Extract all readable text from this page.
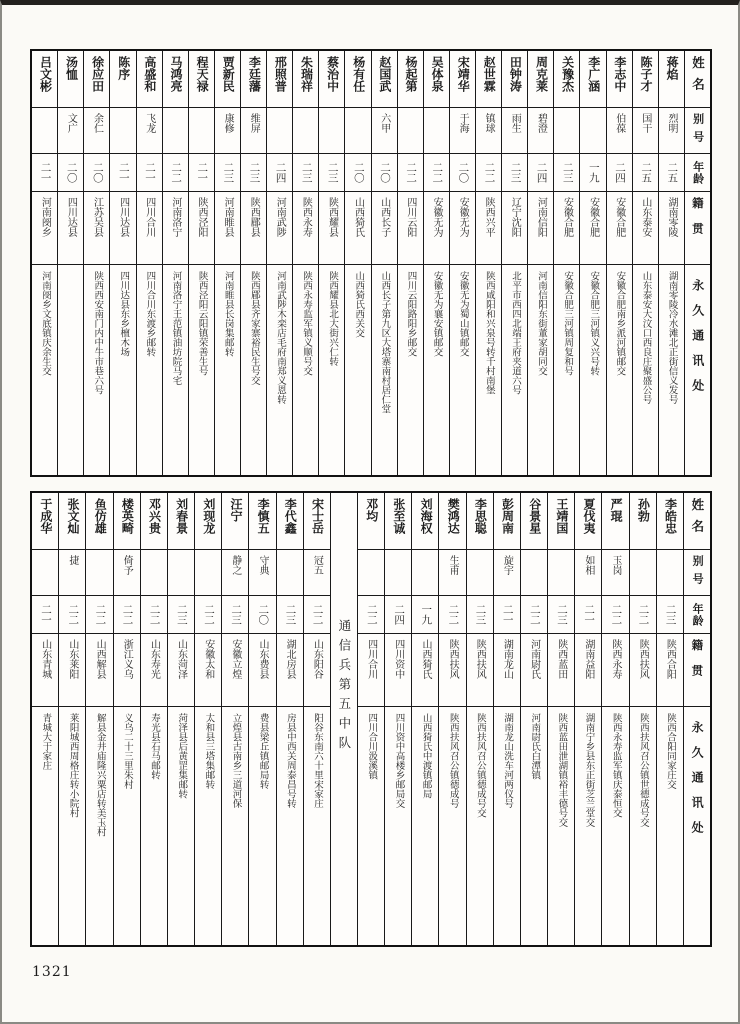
姓名
别号
年龄
籍贯
永久通讯处
蒋焰
烈明
二五
湖南零陵
湖南零陵冷水滩北正街信义发号
陈子才
国干
二五
山东泰安
山东泰安大汶口西良庄聚盛公号
李志中
伯葆
二四
安徽合肥
安徽合肥南乡派河镇邮交
李广涵
一九
安徽合肥
安徽合肥三河镇义兴号转
关豫杰
二三
安徽合肥
安徽合肥三河镇周复和号
周克莱
碧澄
二四
河南信阳
河南信阳东街董家胡同交
田钟涛
雨生
二三
辽宁沈阳
北平市西四北端王府夹道六号
赵世霖
镇球
二二
陕西兴平
陕西咸阳和兴泉号转千村南堡
宋靖华
于海
二〇
安徽无为
安徽无为蜀山镇邮交
吴体泉
二二
安徽无为
安徽无为襄安镇邮交
杨起第
二二
四川云阳
四川云阳路阳乡邮交
赵国武
六甲
二〇
山西长子
山西长子第九区大塔寨南村居仁堂
杨有任
二〇
山西猗氏
山西猗氏西关交
蔡治中
二三
陕西耀县
陕西耀县北大街兴仁转
朱瑞祥
二三
陕西永寿
陕西永寿监军镇义顺号交
邢照普
二四
河南武陟
河南武陟木栾店毛府南郑义恩转
李廷藩
维屏
二三
陕西郿县
陕西郿县齐家寨裕民生号交
贾新民
康修
二三
河南睢县
河南睢县长岗集邮转
程天禄
二一
陕西泾阳
陕西泾阳云阳镇荣善生号
马鸿亮
二二
河南洛宁
河南洛宁王范镇油坊院马宅
高盛和
飞龙
二一
四川合川
四川合川东渡乡邮转
陈序
二一
四川达县
四川达县东乡檀木场
徐应田
余仁
二〇
江苏吴县
陕西西安南门内中牛市巷六号
汤恤
文广
二〇
四川达县
吕文彬
二一
河南阌乡
河南阌乡文底镇庆余生交
姓名
别号
年龄
籍贯
永久通讯处
李皓忠
二三
陕西合阳
陕西合阳同家庄交
孙勃
二二
陕西扶风
陕西扶风召公镇世德成号交
严琨
玉岗
二二
陕西永寿
陕西永寿监军镇庆泰恒交
夏伐夷
如相
二一
湖南益阳
湖南宁乡县东正街芝兰堂交
王靖国
二三
陕西蓝田
陕西蓝田泄湖镇裕丰德号交
谷景星
二二
河南尉氏
河南尉氏白潭镇
彭周南
旋宇
二一
湖南龙山
湖南龙山洗车河两仪号
李思聪
二三
陕西扶风
陕西扶风召公镇德成号交
樊鸿达
生甫
二二
陕西扶风
陕西扶风召公镇德成号
刘海权
一九
山西猗氏
山西猗氏中渡镇邮局
张至诚
二四
四川资中
四川资中高楼乡邮局交
邓均
二二
四川合川
四川合川汲溪镇
通信兵第五中队
宋士岳
冠五
二二
山东阳谷
阳谷东南六十里宋家庄
李代鑫
二三
湖北房县
房县中西关周泰昌号转
李慎五
守典
二〇
山东费县
费县梁丘镇邮局转
汪宁
静之
二三
安徽立煌
立煌县古南乡三道河保
刘现龙
二二
安徽太和
太和县三塔集邮转
刘春景
二三
山东菏泽
菏泽县后黄罡集邮转
邓兴贵
二二
山东寿光
寿光县石马邮转
楼英畸
倚予
二二
浙江义乌
义乌二十三里朱村
鱼仿雄
二二
山西解县
解县金井庙隆兴粟店转美玉村
张文灿
捷
二二
山东莱阳
莱阳城西周格庄转小院村
于成华
二一
山东青城
青城大于家庄
1321
